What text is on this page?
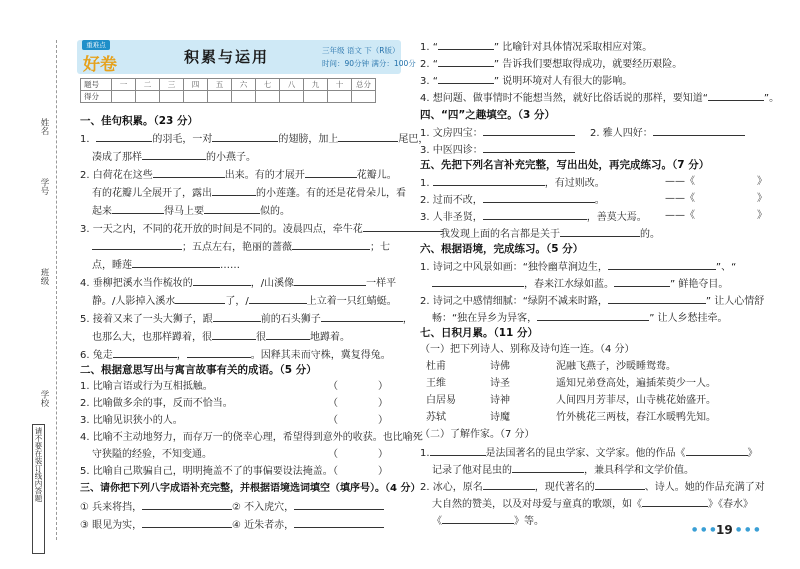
姓名
学号
班级
学校
请不要在装订线内答题
重难点
好卷	积累与运用	三年级 语文 下（R版）
时间：90分钟 满分：100分
题号	一	二	三	四	五	六	七	八	九	十	总分
得分											
一、佳句积累。（23 分）
1．	的羽毛，一对	的翅膀，加上	尾巴，
凑成了那样	的小燕子。
2. 白荷花在这些	出来。有的才展开	花瓣儿。
有的花瓣儿全展开了，露出	的小莲蓬。有的还是花骨朵儿，看
起来	得马上要	似的。
3. 一天之内，不同的花开放的时间是不同的。凌晨四点，牵牛花
；五点左右，艳丽的蔷薇	；七
点，睡莲	……
4. 垂柳把溪水当作梳妆的	，/山溪像	一样平
静。/人影掉入溪水	了，/	上立着一只红蜻蜓。
5. 接着又来了一头大狮子，跟	前的石头狮子	，
也那么大，也那样蹲着，很	很	地蹲着。
6. 兔走	，	。因释其耒而守株，冀复得兔。
二、根据意思写出与寓言故事有关的成语。（5 分）
1. 比喻言语或行为互相抵触。	（　　　　）
2. 比喻做多余的事，反而不恰当。	（　　　　）
3. 比喻见识狭小的人。	（　　　　）
4. 比喻不主动地努力，而存万一的侥幸心理，希望得到意外的收获。也比喻死
守狭隘的经验，不知变通。	（　　　　）
5. 比喻自己欺骗自己，明明掩盖不了的事偏要设法掩盖。
（　　　　）
三、请你把下列八字成语补充完整，并根据语境选词填空（填序号）。（4 分）
① 兵来将挡，	② 不入虎穴，
③ 眼见为实，	④ 近朱者赤，
1. “	” 比喻针对具体情况采取相应对策。
2. “	” 告诉我们要想取得成功，就要经历艰险。
3. “	” 说明环境对人有很大的影响。
4. 想问题、做事情时不能想当然，就好比俗话说的那样，要知道“	”。
四、“四”之趣填空。（3 分）
1. 文房四宝：	2. 雅人四好：
3. 中医四诊：
五、先把下列名言补充完整，写出出处，再完成练习。（7 分）
1.	，有过则改。	——《	》
2. 过而不改，	。	——《	》
3. 人非圣贤，	，善莫大焉。 ——《	》
我发现上面的名言都是关于	的。
六、根据语境，完成练习。（5 分）
1. 诗词之中风景如画：“独怜幽草涧边生，	”、“
，春来江水绿如蓝。	” 鲜艳夺目。
2. 诗词之中感情细腻：“绿阴不减来时路，	” 让人心情舒
畅：“独在异乡为异客，	” 让人乡愁挂牵。
七、日积月累。（11 分）
（一）把下列诗人、别称及诗句连一连。（4 分）
杜甫	诗佛	泥融飞燕子，沙暖睡鸳鸯。
王维	诗圣	遥知兄弟登高处，遍插茱萸少一人。
白居易	诗神	人间四月芳菲尽，山寺桃花始盛开。
苏轼	诗魔	竹外桃花三两枝，春江水暖鸭先知。
（二）了解作家。（7 分）
1.	是法国著名的昆虫学家、文学家。他的作品《	》
记录了他对昆虫的	，兼具科学和文学价值。
2. 冰心，原名	，现代著名的	、诗人。她的作品充满了对
大自然的赞美，以及对母爱与童真的歌颂，如《	》《春水》
《	》等。
● ● ● 19 ● ● ●
